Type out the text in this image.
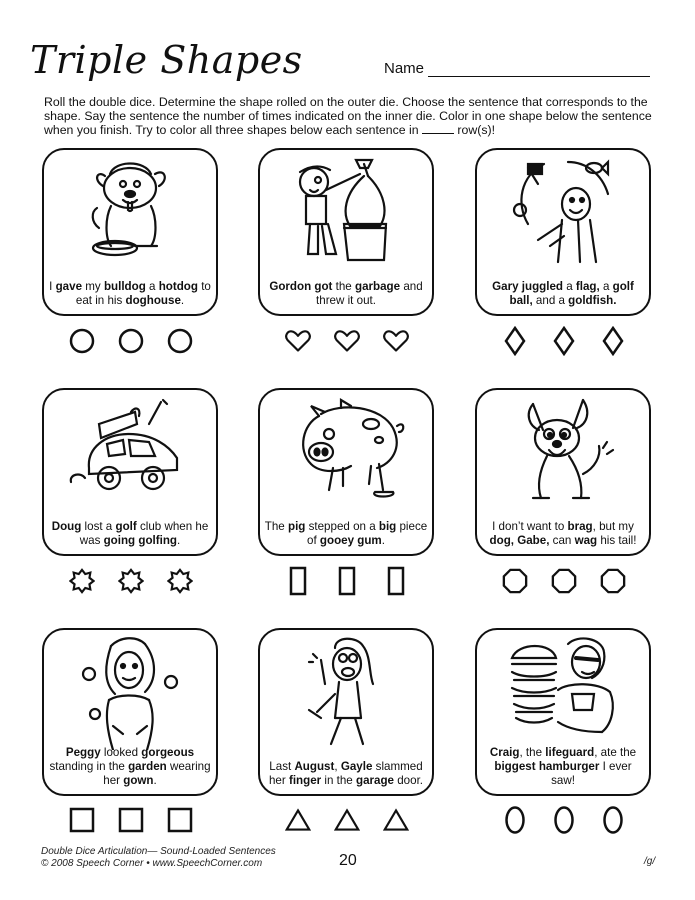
Triple Shapes	Name
Roll the double dice. Determine the shape rolled on the outer die. Choose the sentence that corresponds to the shape. Say the sentence the number of times indicated on the inner die. Color in one shape below the sentence when you finish. Try to color all three shapes below each sentence in	row(s)!
I gave my bulldog a hotdog to eat in his doghouse.
Gordon got the garbage and threw it out.
Gary juggled a flag, a golf ball, and a goldfish.
Doug lost a golf club when he was going golfing.
The pig stepped on a big piece of gooey gum.
I don’t want to brag, but my dog, Gabe, can wag his tail!
Peggy looked gorgeous standing in the garden wearing her gown.
Last August, Gayle slammed her finger in the garage door.
Craig, the lifeguard, ate the biggest hamburger I ever saw!
Double Dice Articulation— Sound-Loaded Sentences
© 2008 Speech Corner • www.SpeechCorner.com	20	/g/
